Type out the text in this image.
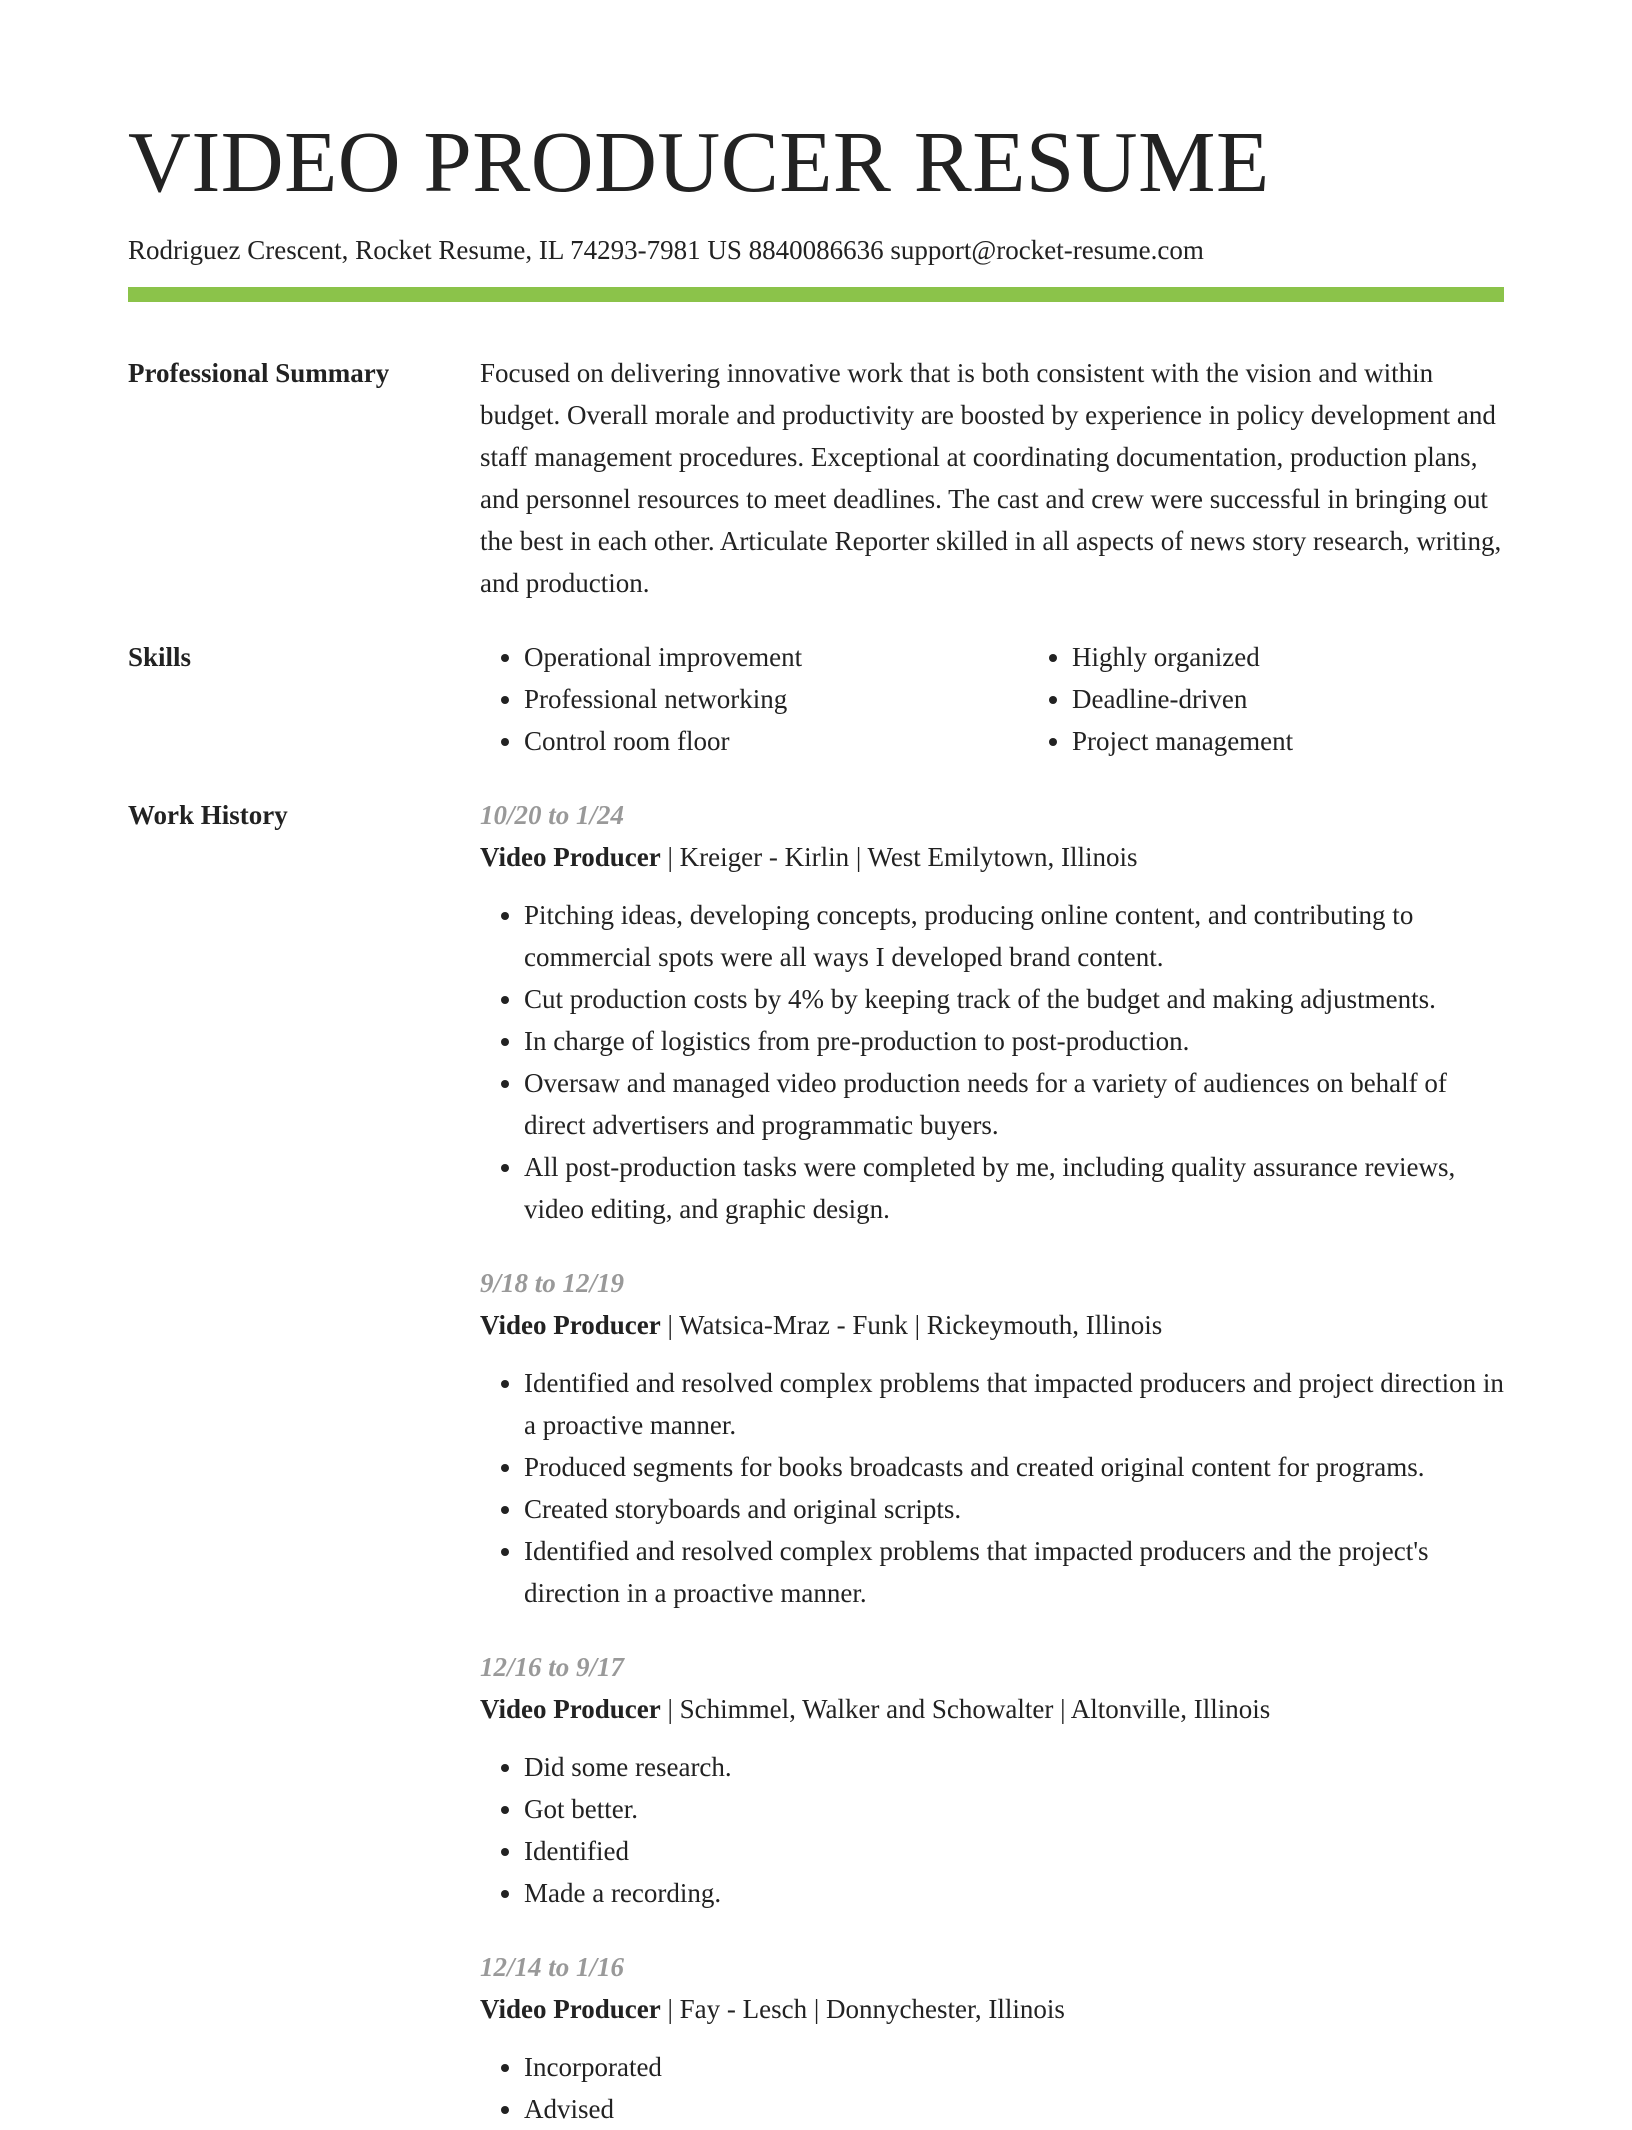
VIDEO PRODUCER RESUME
Rodriguez Crescent, Rocket Resume, IL 74293-7981 US 8840086636 support@rocket-resume.com
Professional Summary	Focused on delivering innovative work that is both consistent with the vision and within budget. Overall morale and productivity are boosted by experience in policy development and staff management procedures. Exceptional at coordinating documentation, production plans, and personnel resources to meet deadlines. The cast and crew were successful in bringing out the best in each other. Articulate Reporter skilled in all aspects of news story research, writing, and production.

Skills
•	Operational improvement
• Professional networking
• Control room floor
• Highly organized
• Deadline-driven
• Project management
Work History	10/20 to 1/24
Video Producer | Kreiger - Kirlin | West Emilytown, Illinois
• Pitching ideas, developing concepts, producing online content, and contributing to commercial spots were all ways I developed brand content.
• Cut production costs by 4% by keeping track of the budget and making adjustments.
• In charge of logistics from pre-production to post-production.
• Oversaw and managed video production needs for a variety of audiences on behalf of direct advertisers and programmatic buyers.
• All post-production tasks were completed by me, including quality assurance reviews, video editing, and graphic design.
9/18 to 12/19
Video Producer | Watsica-Mraz - Funk | Rickeymouth, Illinois
• Identified and resolved complex problems that impacted producers and project direction in a proactive manner.
• Produced segments for books broadcasts and created original content for programs.
• Created storyboards and original scripts.
• Identified and resolved complex problems that impacted producers and the project's direction in a proactive manner.
12/16 to 9/17
Video Producer | Schimmel, Walker and Schowalter | Altonville, Illinois
• Did some research.
• Got better.
• Identified
• Made a recording.
12/14 to 1/16
Video Producer | Fay - Lesch | Donnychester, Illinois
• Incorporated
• Advised
